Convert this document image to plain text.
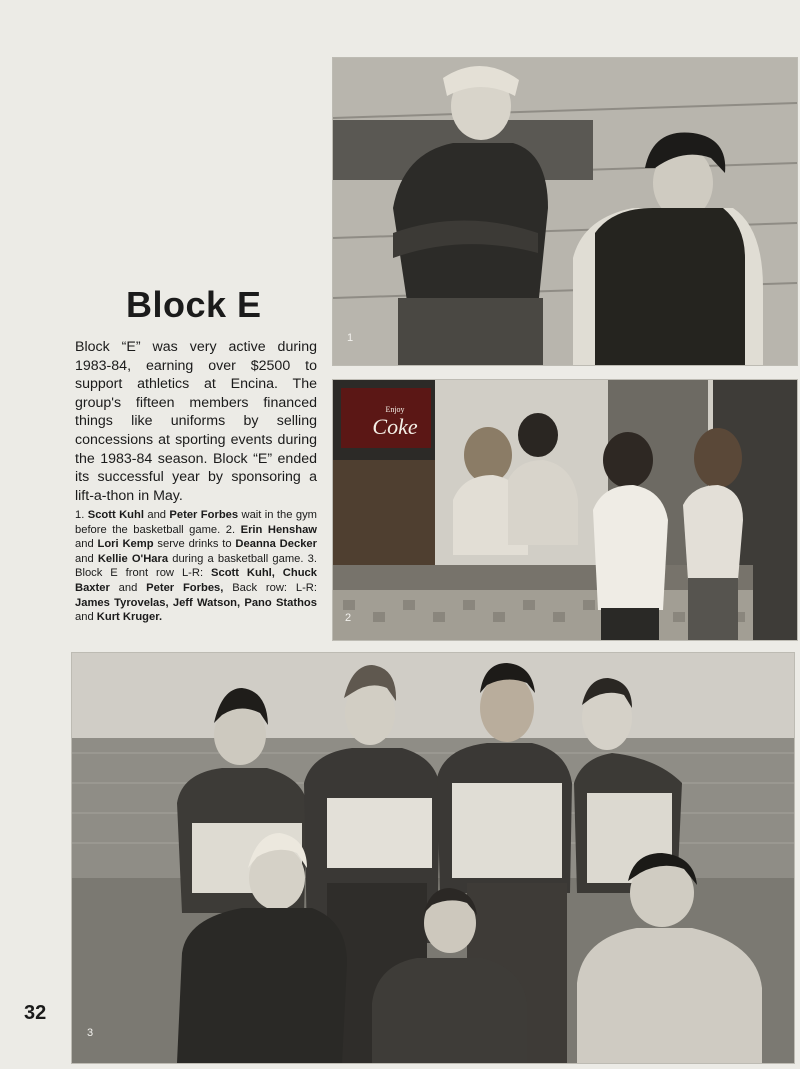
1
Enjoy
Coke
2
Block E

Block “E” was very active during 1983-84, earning over $2500 to support athletics at Encina. The group's fifteen members financed things like uniforms by selling concessions at sporting events during the 1983-84 season. Block “E” ended its successful year by sponsoring a lift-a-thon in May.

1. Scott Kuhl and Peter Forbes wait in the gym before the basketball game. 2. Erin Henshaw and Lori Kemp serve drinks to Deanna Decker and Kellie O'Hara during a basketball game. 3. Block E front row L-R: Scott Kuhl, Chuck Baxter and Peter Forbes, Back row: L-R: James Tyrovelas, Jeff Watson, Pano Stathos and Kurt Kruger.

3
32
